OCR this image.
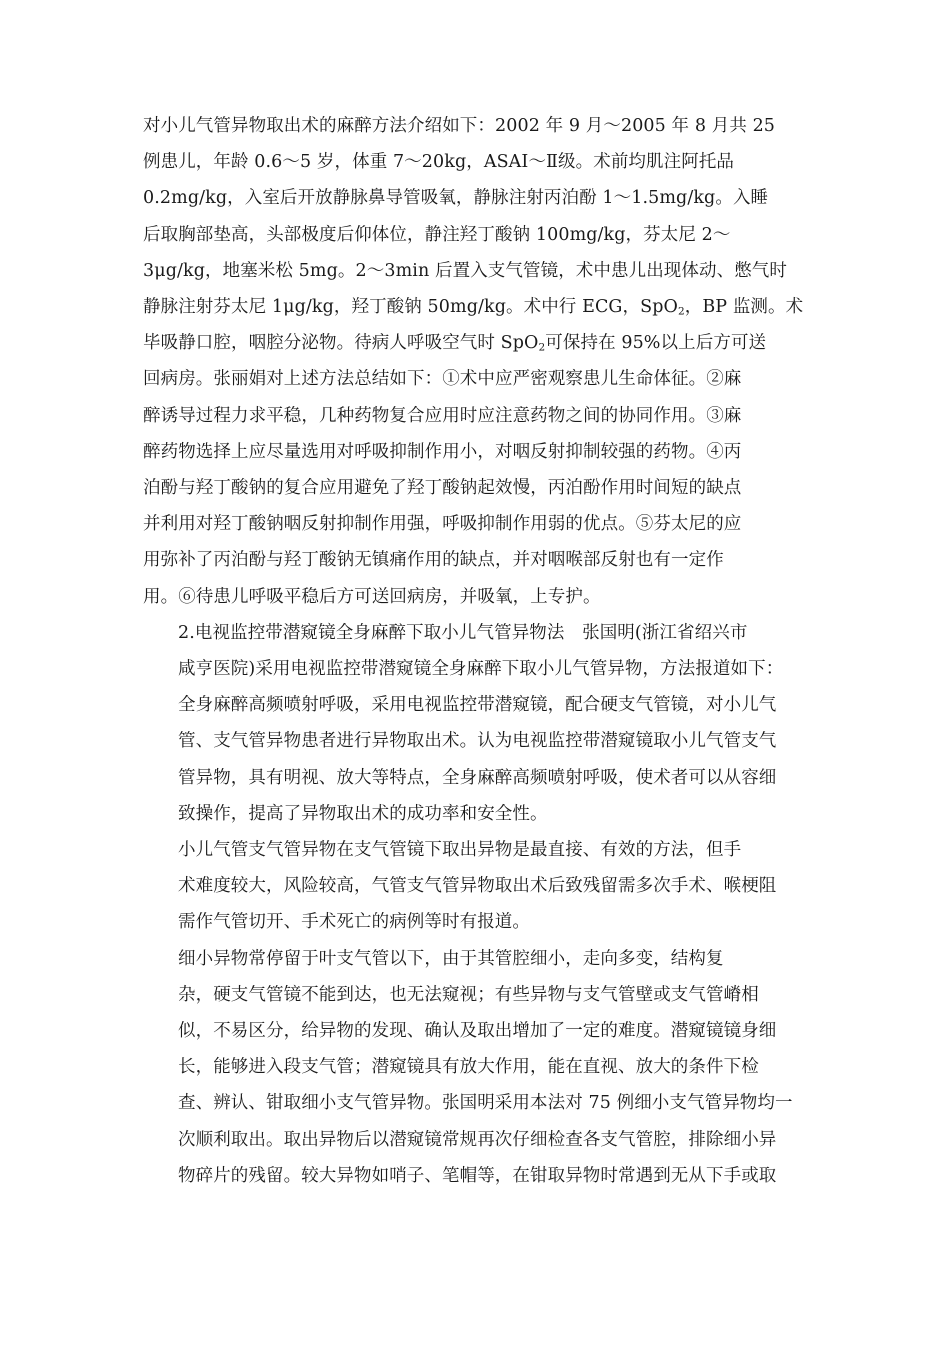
对小儿气管异物取出术的麻醉方法介绍如下：2002 年 9 月～2005 年 8 月共 25
例患儿，年龄 0.6～5 岁，体重 7～20kg，ASAⅠ～Ⅱ级。术前均肌注阿托品
0.2mg/kg，入室后开放静脉鼻导管吸氧，静脉注射丙泊酚 1～1.5mg/kg。入睡
后取胸部垫高，头部极度后仰体位，静注羟丁酸钠 100mg/kg，芬太尼 2～
3μg/kg，地塞米松 5mg。2～3min 后置入支气管镜，术中患儿出现体动、憋气时
静脉注射芬太尼 1μg/kg，羟丁酸钠 50mg/kg。术中行 ECG，SpO$_2$，BP 监测。术
毕吸静口腔，咽腔分泌物。待病人呼吸空气时 SpO$_2$可保持在 95%以上后方可送
回病房。张丽娟对上述方法总结如下：①术中应严密观察患儿生命体征。②麻
醉诱导过程力求平稳，几种药物复合应用时应注意药物之间的协同作用。③麻
醉药物选择上应尽量选用对呼吸抑制作用小，对咽反射抑制较强的药物。④丙
泊酚与羟丁酸钠的复合应用避免了羟丁酸钠起效慢，丙泊酚作用时间短的缺点
并利用对羟丁酸钠咽反射抑制作用强，呼吸抑制作用弱的优点。⑤芬太尼的应
用弥补了丙泊酚与羟丁酸钠无镇痛作用的缺点，并对咽喉部反射也有一定作
用。⑥待患儿呼吸平稳后方可送回病房，并吸氧，上专护。

2.电视监控带潜窥镜全身麻醉下取小儿气管异物法　张国明(浙江省绍兴市
咸亨医院)采用电视监控带潜窥镜全身麻醉下取小儿气管异物，方法报道如下：
全身麻醉高频喷射呼吸，采用电视监控带潜窥镜，配合硬支气管镜，对小儿气
管、支气管异物患者进行异物取出术。认为电视监控带潜窥镜取小儿气管支气
管异物，具有明视、放大等特点，全身麻醉高频喷射呼吸，使术者可以从容细
致操作，提高了异物取出术的成功率和安全性。

小儿气管支气管异物在支气管镜下取出异物是最直接、有效的方法，但手
术难度较大，风险较高，气管支气管异物取出术后致残留需多次手术、喉梗阻
需作气管切开、手术死亡的病例等时有报道。

细小异物常停留于叶支气管以下，由于其管腔细小，走向多变，结构复
杂，硬支气管镜不能到达，也无法窥视；有些异物与支气管壁或支气管嵴相
似，不易区分，给异物的发现、确认及取出增加了一定的难度。潜窥镜镜身细
长，能够进入段支气管；潜窥镜具有放大作用，能在直视、放大的条件下检
查、辨认、钳取细小支气管异物。张国明采用本法对 75 例细小支气管异物均一
次顺利取出。取出异物后以潜窥镜常规再次仔细检查各支气管腔，排除细小异
物碎片的残留。较大异物如哨子、笔帽等，在钳取异物时常遇到无从下手或取
